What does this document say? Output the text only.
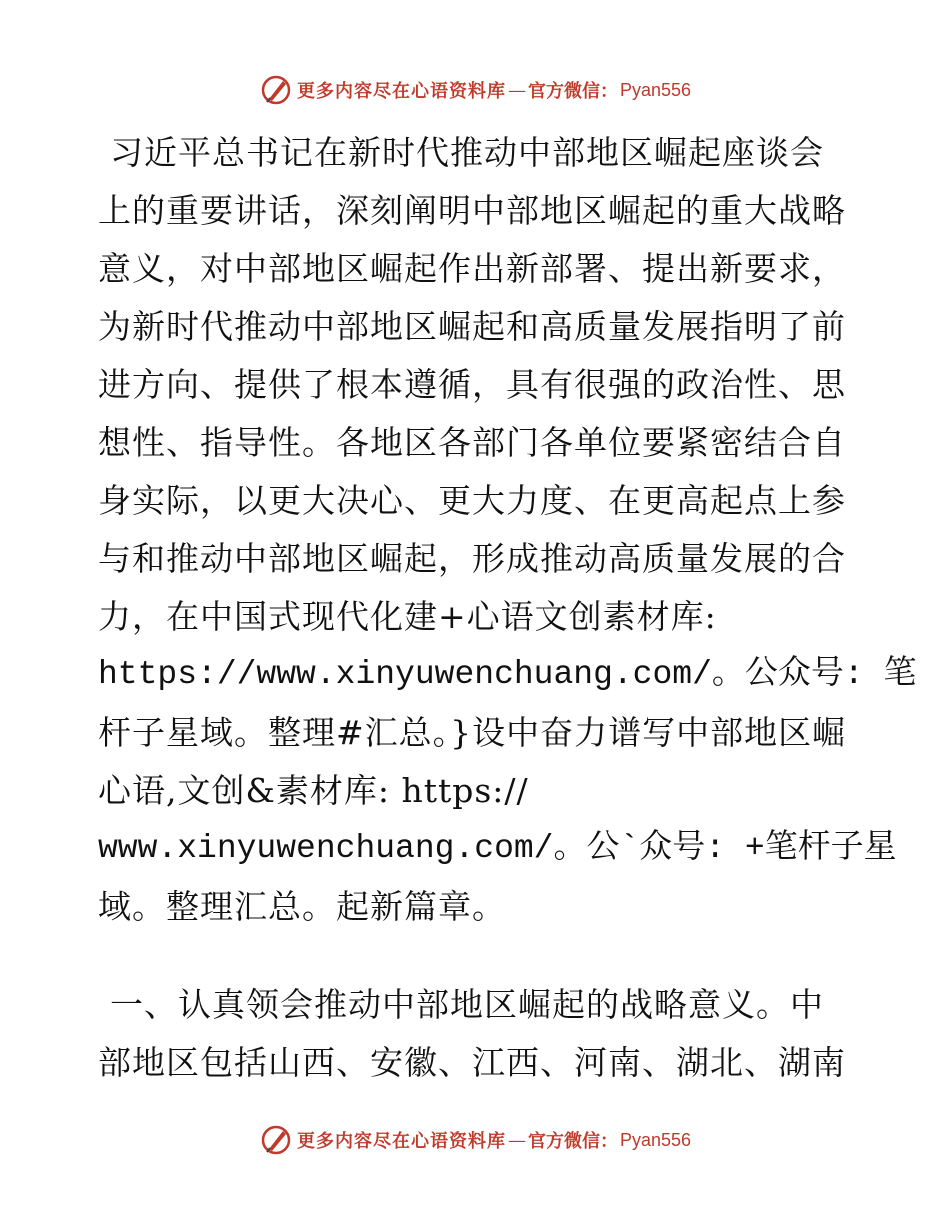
更多内容尽在心语资料库 — 官方微信： Pyan556
习近平总书记在新时代推动中部地区崛起座谈会
上的重要讲话，深刻阐明中部地区崛起的重大战略
意义，对中部地区崛起作出新部署、提出新要求，
为新时代推动中部地区崛起和高质量发展指明了前
进方向、提供了根本遵循，具有很强的政治性、思
想性、指导性。各地区各部门各单位要紧密结合自
身实际，以更大决心、更大力度、在更高起点上参
与和推动中部地区崛起，形成推动高质量发展的合
力，在中国式现代化建+心语文创素材库:
https://www.xinyuwenchuang.com/。公众号: 笔
杆子星域。整理#汇总。}设中奋力谱写中部地区崛
心语,文创&素材库: https://
www.xinyuwenchuang.com/。公`众号: +笔杆子星
域。整理汇总。起新篇章。
一、认真领会推动中部地区崛起的战略意义。中
部地区包括山西、安徽、江西、河南、湖北、湖南
更多内容尽在心语资料库 — 官方微信： Pyan556
